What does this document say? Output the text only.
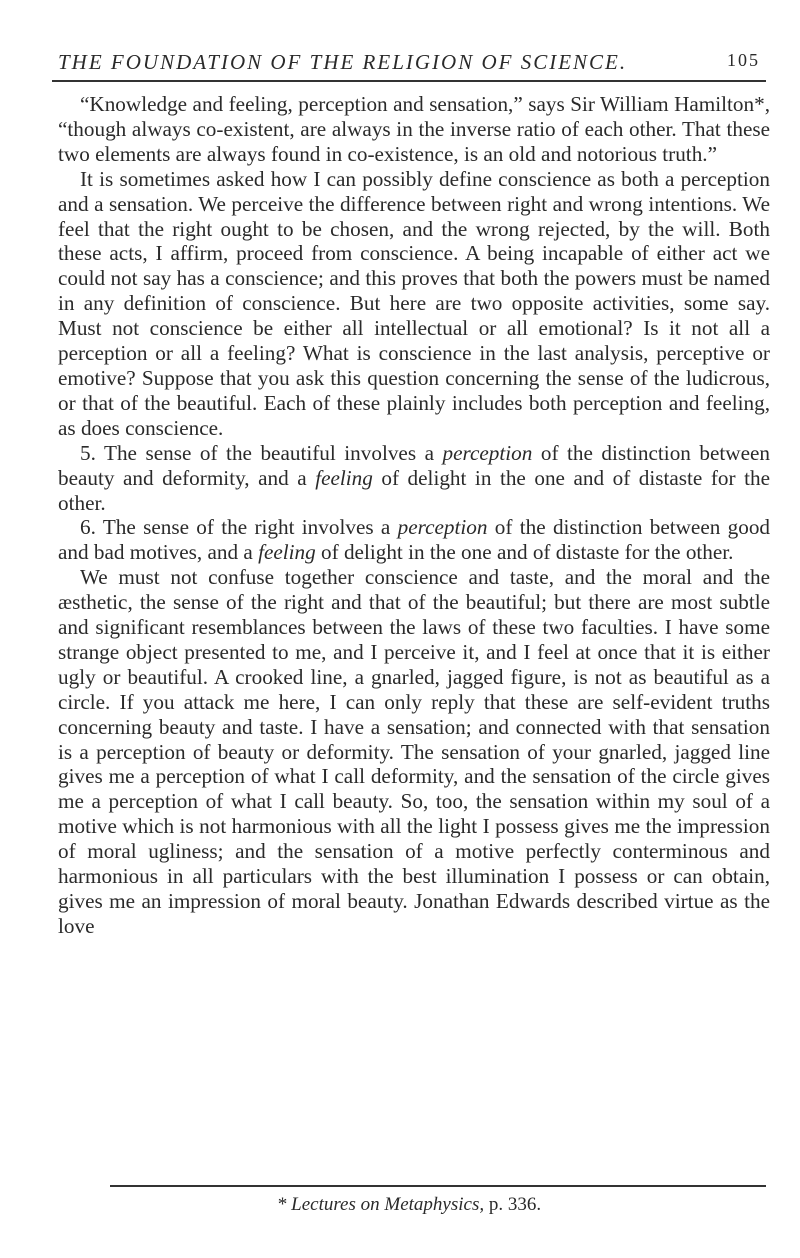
THE FOUNDATION OF THE RELIGION OF SCIENCE.	105

“Knowledge and feeling, perception and sensation,” says Sir William Hamilton*, “though always co-existent, are always in the inverse ratio of each other. That these two elements are always found in co-existence, is an old and notorious truth.”

It is sometimes asked how I can possibly define conscience as both a perception and a sensation. We perceive the difference between right and wrong intentions. We feel that the right ought to be chosen, and the wrong rejected, by the will. Both these acts, I affirm, proceed from conscience. A being incapable of either act we could not say has a conscience; and this proves that both the powers must be named in any definition of conscience. But here are two opposite activities, some say. Must not conscience be either all intellectual or all emotional? Is it not all a perception or all a feeling? What is conscience in the last analysis, perceptive or emotive? Suppose that you ask this question concerning the sense of the ludicrous, or that of the beautiful. Each of these plainly includes both perception and feeling, as does conscience.

5. The sense of the beautiful involves a perception of the distinction between beauty and deformity, and a feeling of delight in the one and of distaste for the other.

6. The sense of the right involves a perception of the distinction between good and bad motives, and a feeling of delight in the one and of distaste for the other.

We must not confuse together conscience and taste, and the moral and the æsthetic, the sense of the right and that of the beautiful; but there are most subtle and significant resemblances between the laws of these two faculties. I have some strange object presented to me, and I perceive it, and I feel at once that it is either ugly or beautiful. A crooked line, a gnarled, jagged figure, is not as beautiful as a circle. If you attack me here, I can only reply that these are self-evident truths concerning beauty and taste. I have a sensation; and connected with that sensation is a perception of beauty or deformity. The sensation of your gnarled, jagged line gives me a perception of what I call deformity, and the sensation of the circle gives me a perception of what I call beauty. So, too, the sensation within my soul of a motive which is not harmonious with all the light I possess gives me the impression of moral ugliness; and the sensation of a motive perfectly conterminous and harmonious in all particulars with the best illumination I possess or can obtain, gives me an impression of moral beauty. Jonathan Edwards described virtue as the love

* Lectures on Metaphysics, p. 336.
